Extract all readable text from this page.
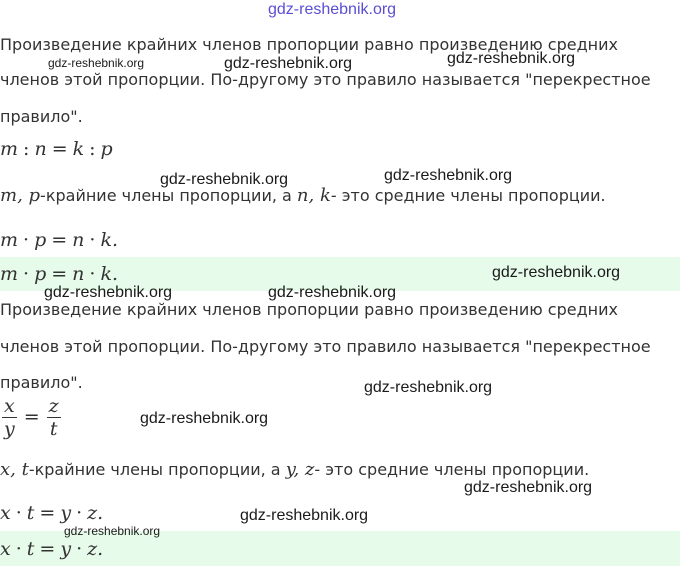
gdz-reshebnik.org

Произведение крайних членов пропорции равно произведению средних

членов этой пропорции. По-другому это правило называется "перекрестное

правило".

m : n = k : p
m, p-крайние члены пропорции, а n, k- это средние члены пропорции.
m · p = n · k.
m · p = n · k.

Произведение крайних членов пропорции равно произведению средних

членов этой пропорции. По-другому это правило называется "перекрестное

правило".

$\frac{x}{y} = \frac{z}{t}$
x, t-крайние члены пропорции, а y, z- это средние члены пропорции.
x · t = y · z.
x · t = y · z.
gdz-reshebnik.org	gdz-reshebnik.org	gdz-reshebnik.org
gdz-reshebnik.org	gdz-reshebnik.org
gdz-reshebnik.org
gdz-reshebnik.org	gdz-reshebnik.org
gdz-reshebnik.org
gdz-reshebnik.org
gdz-reshebnik.org
gdz-reshebnik.org
gdz-reshebnik.org
